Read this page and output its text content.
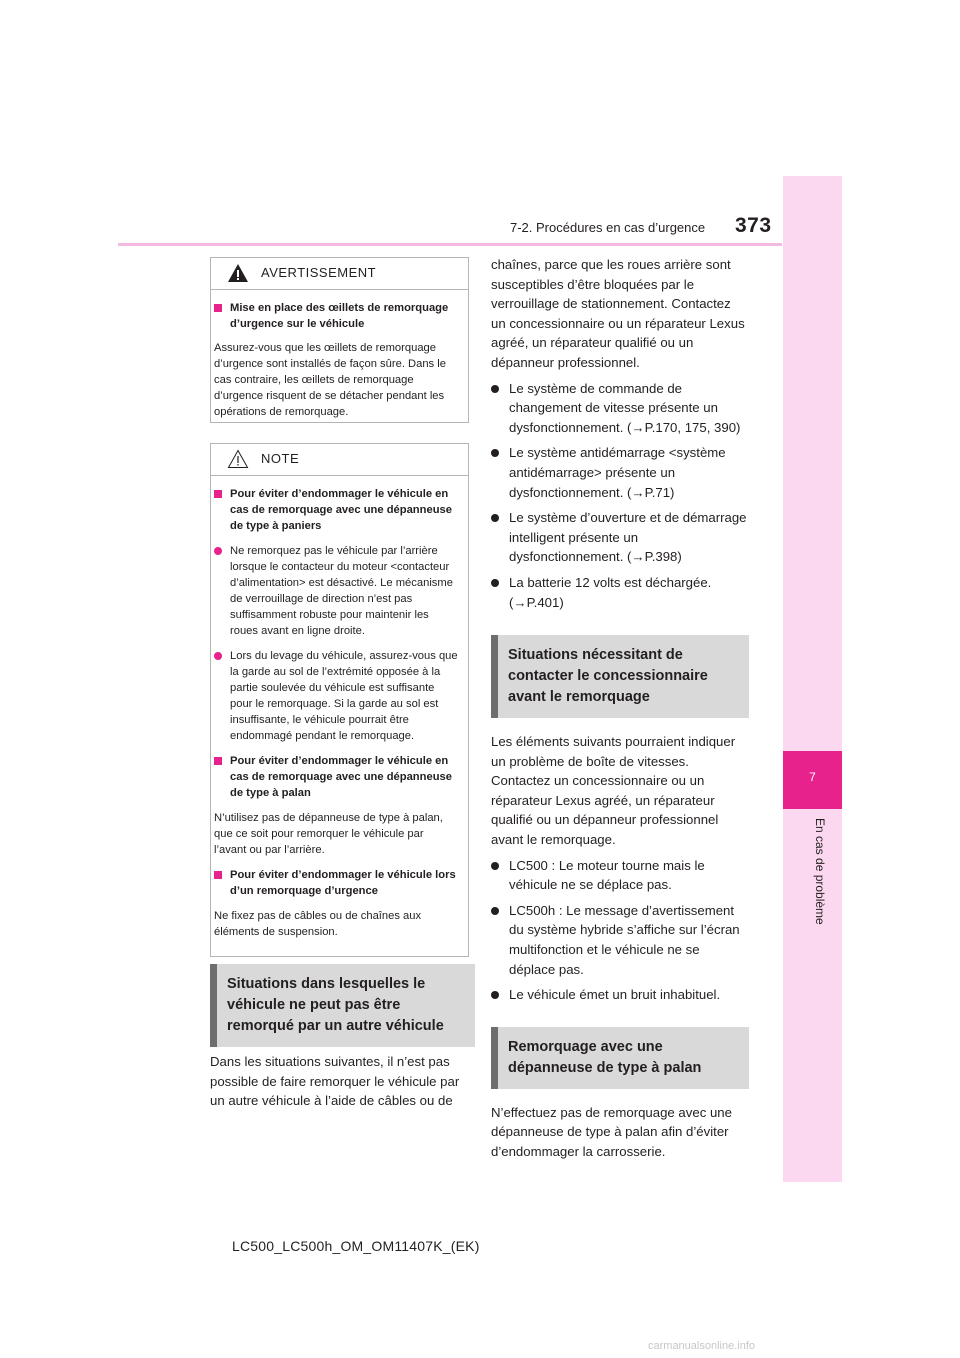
7-2. Procédures en cas d’urgence 373
7
En cas de problème
AVERTISSEMENT
Mise en place des œillets de remorquage d’urgence sur le véhicule
Assurez-vous que les œillets de remorquage d’urgence sont installés de façon sûre. Dans le cas contraire, les œillets de remorquage d’urgence risquent de se détacher pendant les opérations de remorquage.
NOTE
Pour éviter d’endommager le véhicule en cas de remorquage avec une dépanneuse de type à paniers
Ne remorquez pas le véhicule par l’arrière lorsque le contacteur du moteur <contacteur d’alimentation> est désactivé. Le mécanisme de verrouillage de direction n’est pas suffisamment robuste pour maintenir les roues avant en ligne droite.
Lors du levage du véhicule, assurez-vous que la garde au sol de l’extrémité opposée à la partie soulevée du véhicule est suffisante pour le remorquage. Si la garde au sol est insuffisante, le véhicule pourrait être endommagé pendant le remorquage.
Pour éviter d’endommager le véhicule en cas de remorquage avec une dépanneuse de type à palan
N’utilisez pas de dépanneuse de type à palan, que ce soit pour remorquer le véhicule par l’avant ou par l’arrière.
Pour éviter d’endommager le véhicule lors d’un remorquage d’urgence
Ne fixez pas de câbles ou de chaînes aux éléments de suspension.
Situations dans lesquelles le véhicule ne peut pas être remorqué par un autre véhicule
Dans les situations suivantes, il n’est pas possible de faire remorquer le véhicule par un autre véhicule à l’aide de câbles ou de
chaînes, parce que les roues arrière sont susceptibles d’être bloquées par le verrouillage de stationnement. Contactez un concessionnaire ou un réparateur Lexus agréé, un réparateur qualifié ou un dépanneur professionnel.
Le système de commande de changement de vitesse présente un dysfonctionnement. (→P.170, 175, 390)
Le système antidémarrage <système antidémarrage> présente un dysfonctionnement. (→P.71)
Le système d’ouverture et de démarrage intelligent présente un dysfonctionnement. (→P.398)
La batterie 12 volts est déchargée. (→P.401)
Situations nécessitant de contacter le concessionnaire avant le remorquage
Les éléments suivants pourraient indiquer un problème de boîte de vitesses. Contactez un concessionnaire ou un réparateur Lexus agréé, un réparateur qualifié ou un dépanneur professionnel avant le remorquage.
LC500 : Le moteur tourne mais le véhicule ne se déplace pas.
LC500h : Le message d’avertissement du système hybride s’affiche sur l’écran multifonction et le véhicule ne se déplace pas.
Le véhicule émet un bruit inhabituel.
Remorquage avec une dépanneuse de type à palan
N’effectuez pas de remorquage avec une dépanneuse de type à palan afin d’éviter d’endommager la carrosserie.
LC500_LC500h_OM_OM11407K_(EK)
carmanualsonline.info
